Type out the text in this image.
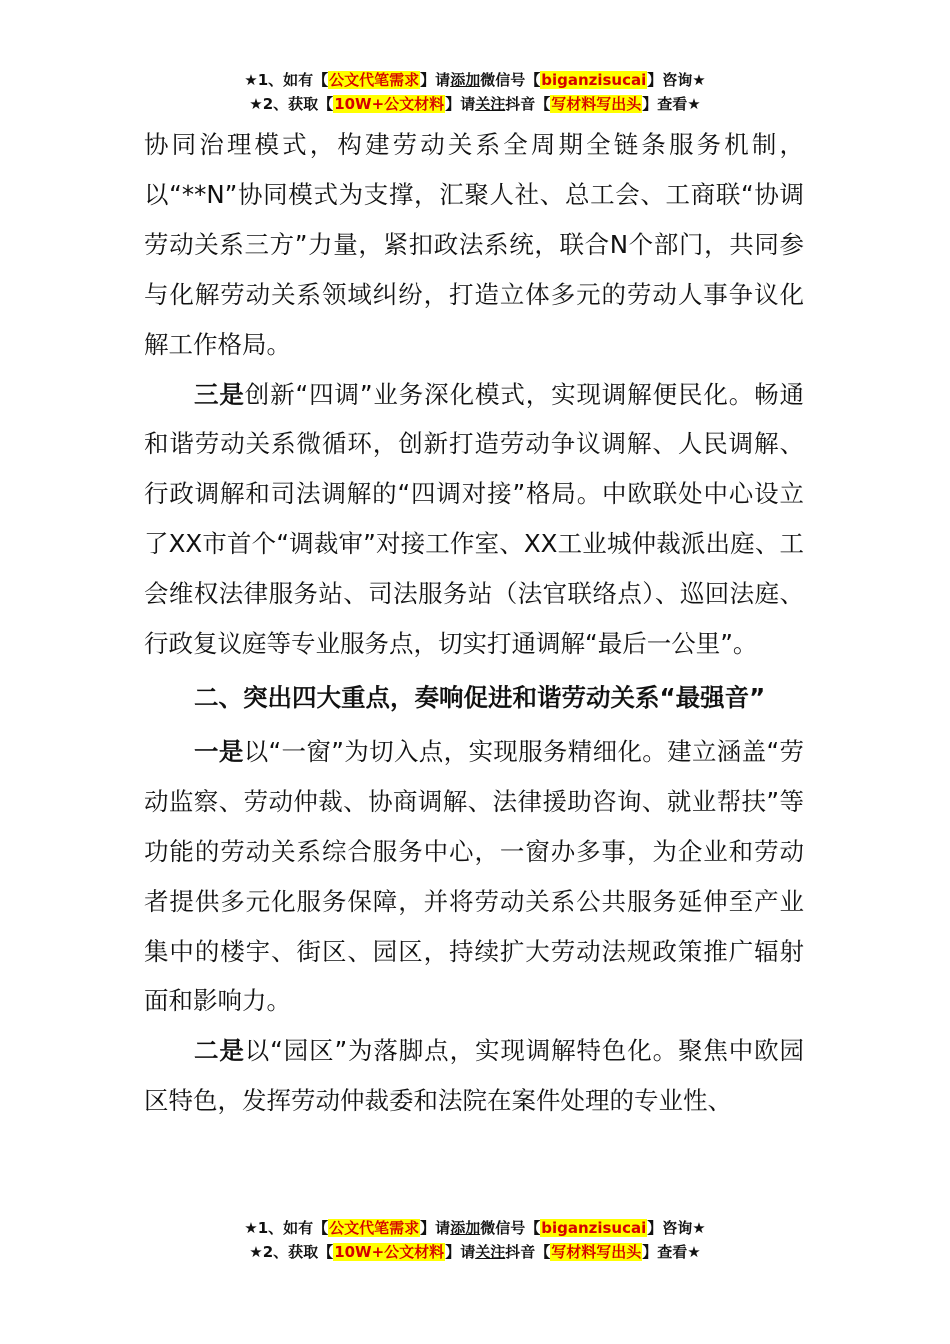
★1、如有【公文代笔需求】请添加微信号【biganzisucai】咨询★
★2、获取【10W+公文材料】请关注抖音【写材料写出头】查看★

协同治理模式，构建劳动关系全周期全链条服务机制，以“**N”协同模式为支撑，汇聚人社、总工会、工商联“协调劳动关系三方”力量，紧扣政法系统，联合N个部门，共同参与化解劳动关系领域纠纷，打造立体多元的劳动人事争议化解工作格局。

三是创新“四调”业务深化模式，实现调解便民化。畅通和谐劳动关系微循环，创新打造劳动争议调解、人民调解、行政调解和司法调解的“四调对接”格局。中欧联处中心设立了XX市首个“调裁审”对接工作室、XX工业城仲裁派出庭、工会维权法律服务站、司法服务站（法官联络点）、巡回法庭、行政复议庭等专业服务点，切实打通调解“最后一公里”。

二、突出四大重点，奏响促进和谐劳动关系“最强音”

一是以“一窗”为切入点，实现服务精细化。建立涵盖“劳动监察、劳动仲裁、协商调解、法律援助咨询、就业帮扶”等功能的劳动关系综合服务中心，一窗办多事，为企业和劳动者提供多元化服务保障，并将劳动关系公共服务延伸至产业集中的楼宇、街区、园区，持续扩大劳动法规政策推广辐射面和影响力。

二是以“园区”为落脚点，实现调解特色化。聚焦中欧园区特色，发挥劳动仲裁委和法院在案件处理的专业性、

★1、如有【公文代笔需求】请添加微信号【biganzisucai】咨询★
★2、获取【10W+公文材料】请关注抖音【写材料写出头】查看★
